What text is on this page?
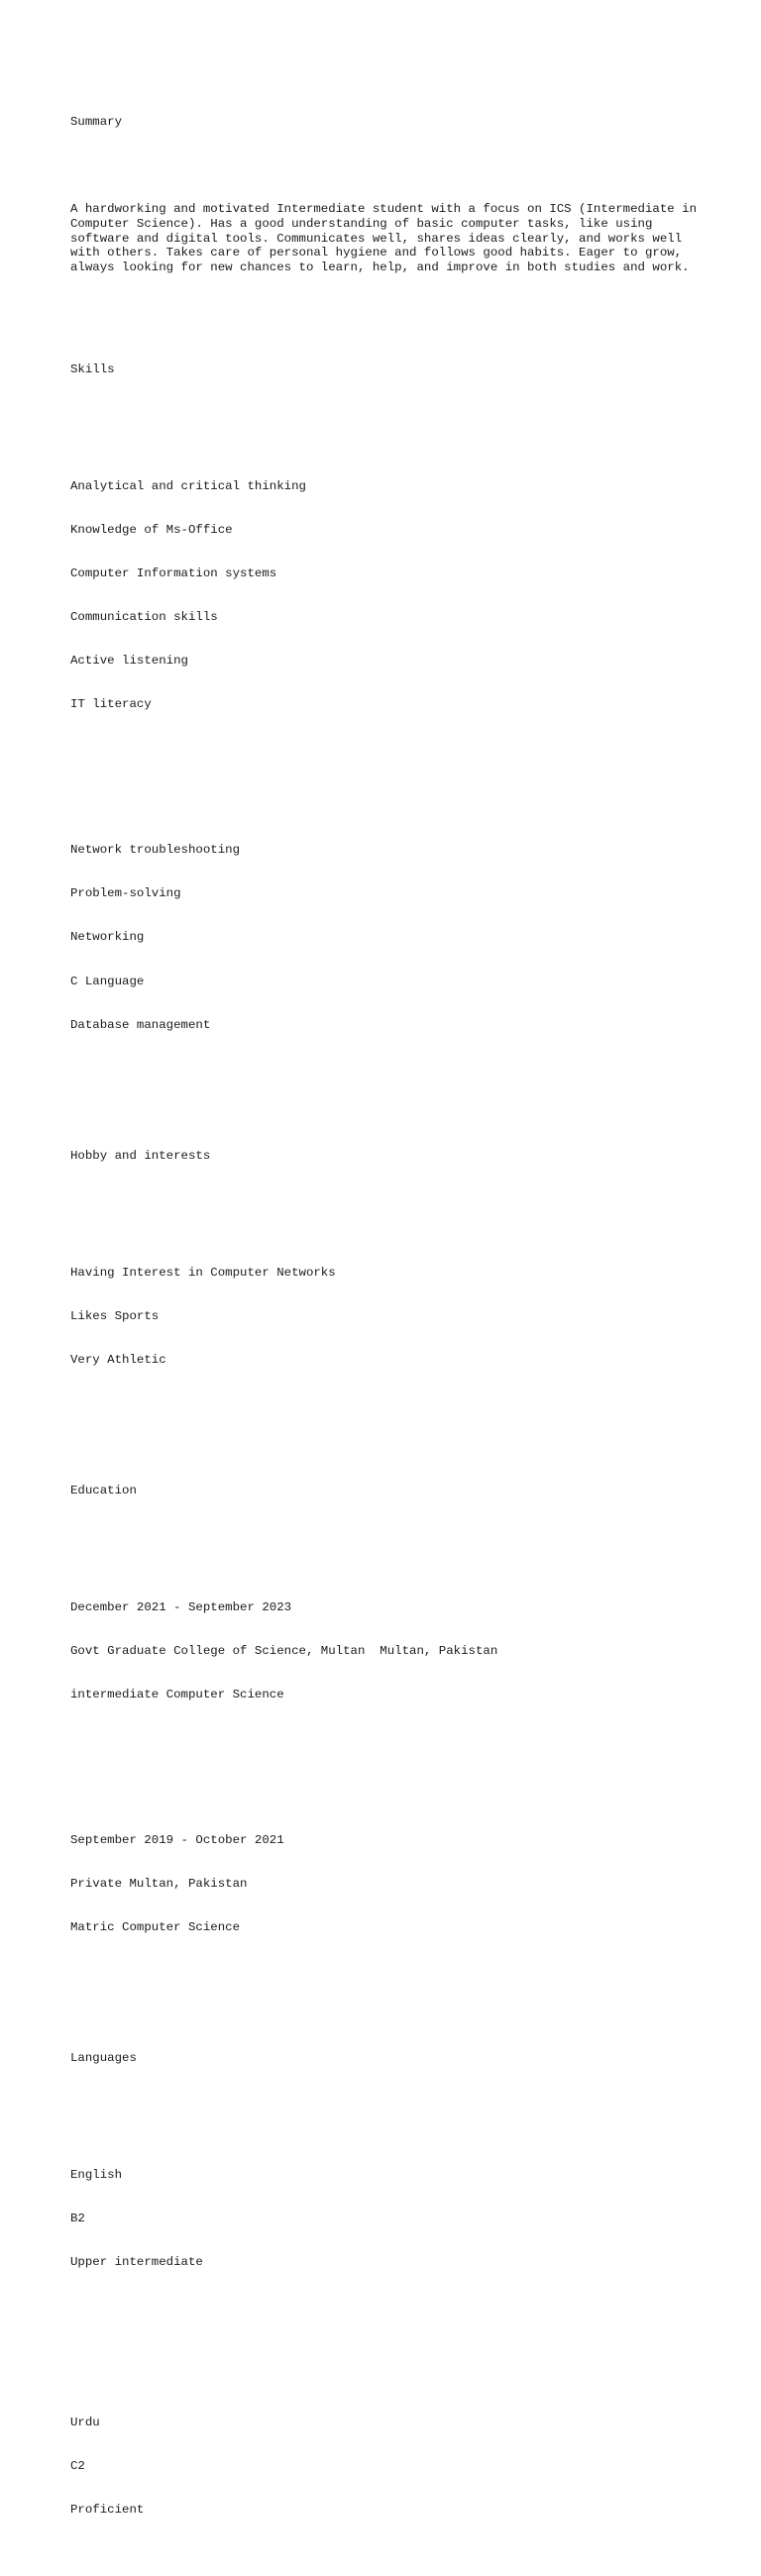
Summary

A hardworking and motivated Intermediate student with a focus on ICS (Intermediate in Computer Science). Has a good understanding of basic computer tasks, like using software and digital tools. Communicates well, shares ideas clearly, and works well with others. Takes care of personal hygiene and follows good habits. Eager to grow, always looking for new chances to learn, help, and improve in both studies and work.

Skills

Analytical and critical thinking

Knowledge of Ms-Office

Computer Information systems

Communication skills

Active listening

IT literacy

Network troubleshooting

Problem-solving

Networking

C Language

Database management

Hobby and interests

Having Interest in Computer Networks

Likes Sports

Very Athletic

Education

December 2021 - September 2023

Govt Graduate College of Science, Multan  Multan, Pakistan

intermediate Computer Science

September 2019 - October 2021

Private Multan, Pakistan

Matric Computer Science

Languages

English

B2

Upper intermediate

Urdu

C2

Proficient
